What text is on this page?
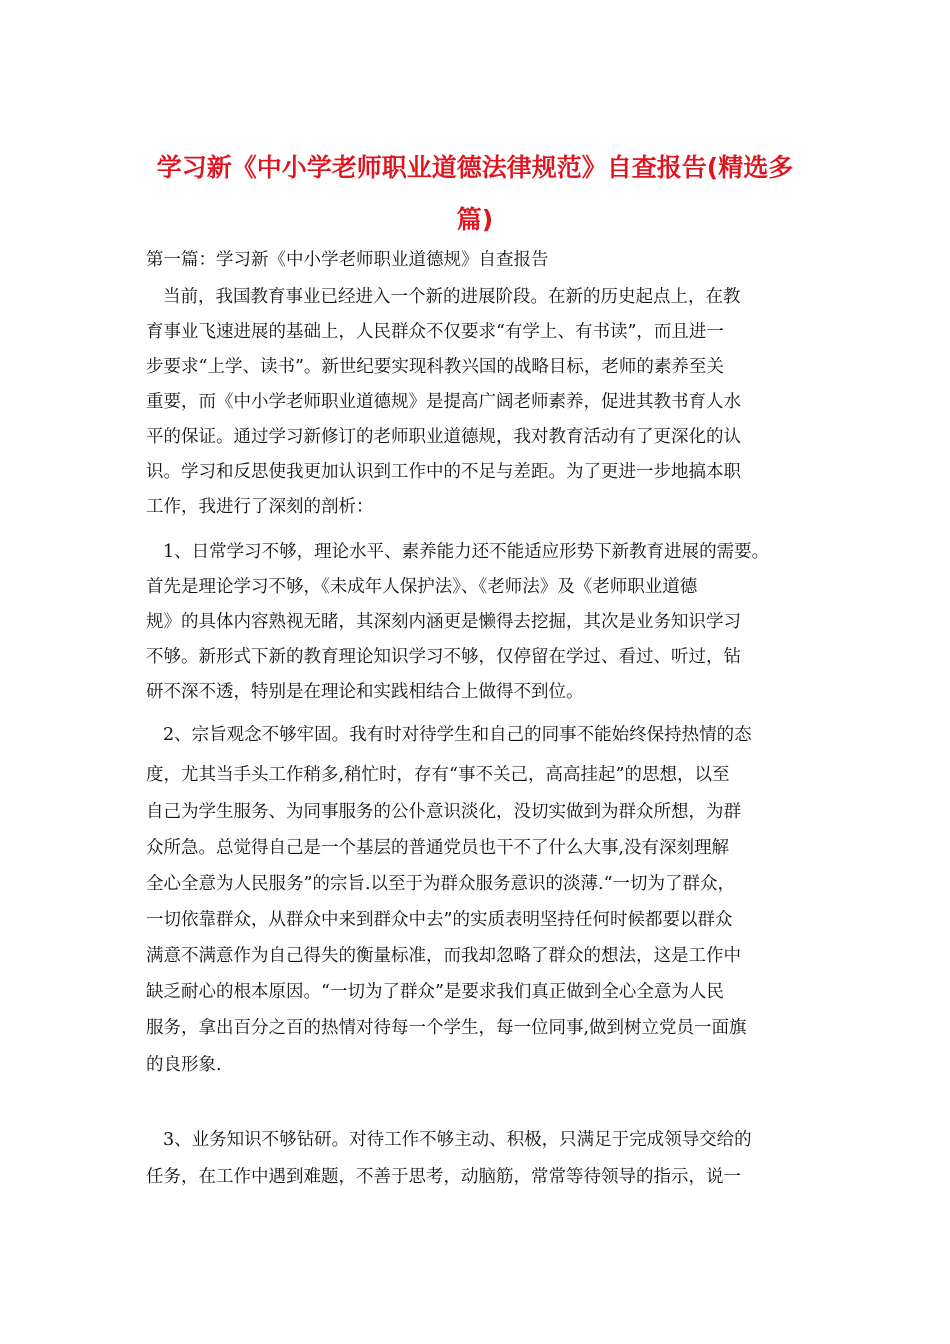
学习新《中小学老师职业道德法律规范》自查报告(精选多
篇)
第一篇：学习新《中小学老师职业道德规》自查报告
当前，我国教育事业已经进入一个新的进展阶段。在新的历史起点上，在教
育事业飞速进展的基础上，人民群众不仅要求“有学上、有书读”，而且进一
步要求“上学、读书”。新世纪要实现科教兴国的战略目标，老师的素养至关
重要，而《中小学老师职业道德规》是提高广阔老师素养，促进其教书育人水
平的保证。通过学习新修订的老师职业道德规，我对教育活动有了更深化的认
识。学习和反思使我更加认识到工作中的不足与差距。为了更进一步地搞本职
工作，我进行了深刻的剖析：
1、日常学习不够，理论水平、素养能力还不能适应形势下新教育进展的需要。
首先是理论学习不够，《未成年人保护法》、《老师法》及《老师职业道德
规》的具体内容熟视无睹，其深刻内涵更是懒得去挖掘，其次是业务知识学习
不够。新形式下新的教育理论知识学习不够，仅停留在学过、看过、听过，钻
研不深不透，特别是在理论和实践相结合上做得不到位。
2、宗旨观念不够牢固。我有时对待学生和自己的同事不能始终保持热情的态
度，尤其当手头工作稍多,稍忙时，存有“事不关己，高高挂起”的思想，以至
自己为学生服务、为同事服务的公仆意识淡化，没切实做到为群众所想，为群
众所急。总觉得自己是一个基层的普通党员也干不了什么大事,没有深刻理解
全心全意为人民服务”的宗旨.以至于为群众服务意识的淡薄.“一切为了群众，
一切依靠群众，从群众中来到群众中去”的实质表明坚持任何时候都要以群众
满意不满意作为自己得失的衡量标准，而我却忽略了群众的想法，这是工作中
缺乏耐心的根本原因。“一切为了群众”是要求我们真正做到全心全意为人民
服务，拿出百分之百的热情对待每一个学生，每一位同事,做到树立党员一面旗
的良形象.
3、业务知识不够钻研。对待工作不够主动、积极，只满足于完成领导交给的
任务，在工作中遇到难题，不善于思考，动脑筋，常常等待领导的指示，说一
